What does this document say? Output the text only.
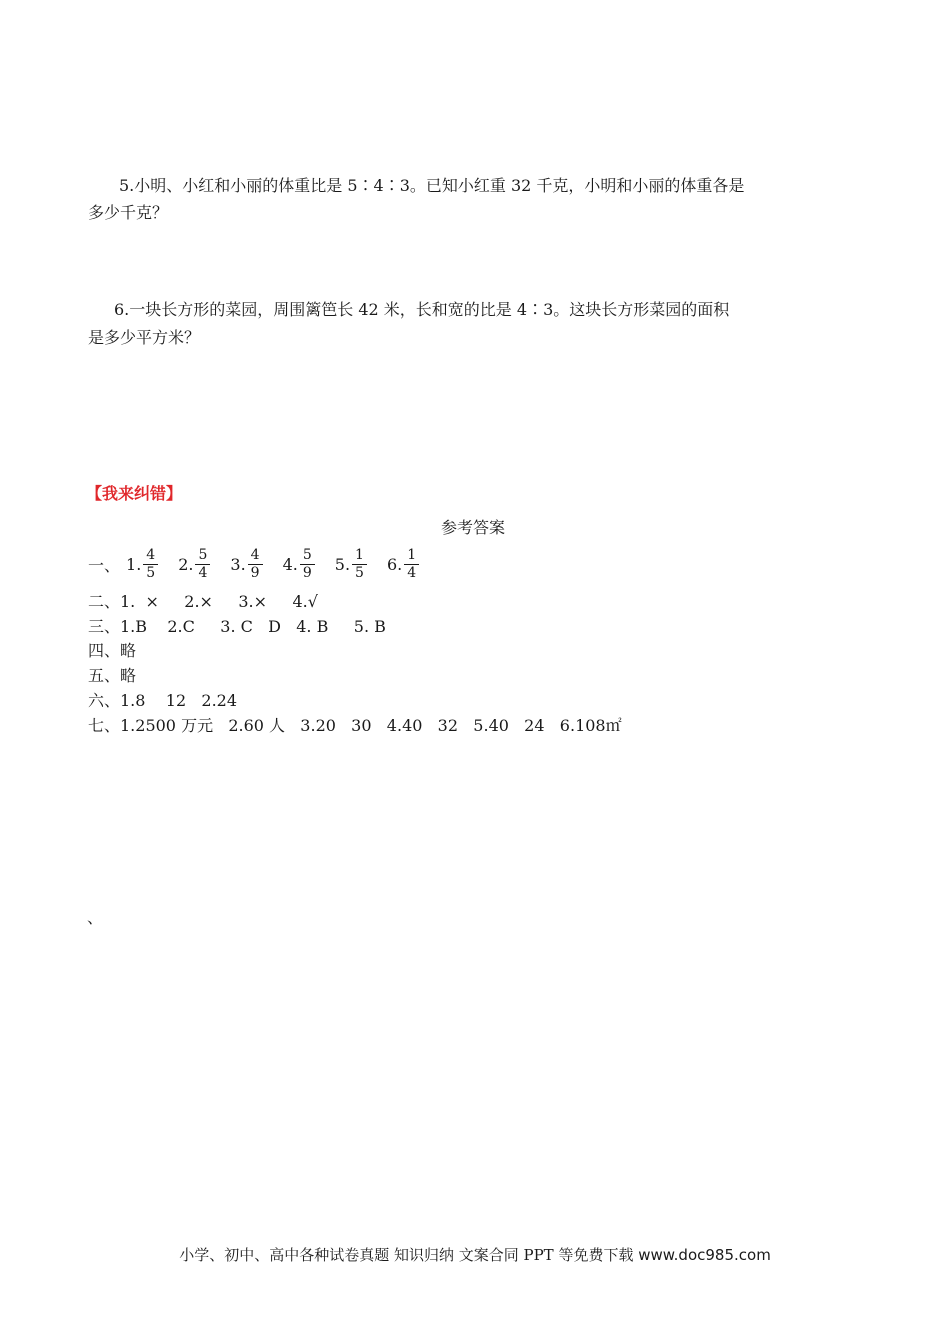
5.小明、小红和小丽的体重比是 5∶4∶3。已知小红重 32 千克，小明和小丽的体重各是
多少千克？
6.一块长方形的菜园，周围篱笆长 42 米，长和宽的比是 4∶3。这块长方形菜园的面积
是多少平方米？
【我来纠错】
参考答案
一、 1. $\frac{4}{5} 2$. $\frac{5}{4} 3$. $\frac{4}{9} 4$. $\frac{5}{9} 5$. $\frac{1}{5} 6$. $\frac{1}{4}$
二、1.  ×     2.×     3.×     4.√
三、1.B    2.C     3. C   D   4. B     5. B
四、略
五、略
六、1.8    12   2.24
七、1.2500 万元   2.60 人   3.20   30   4.40   32   5.40   24   6.108㎡
、
小学、初中、高中各种试卷真题 知识归纳 文案合同 PPT 等免费下载 www.doc985.com
